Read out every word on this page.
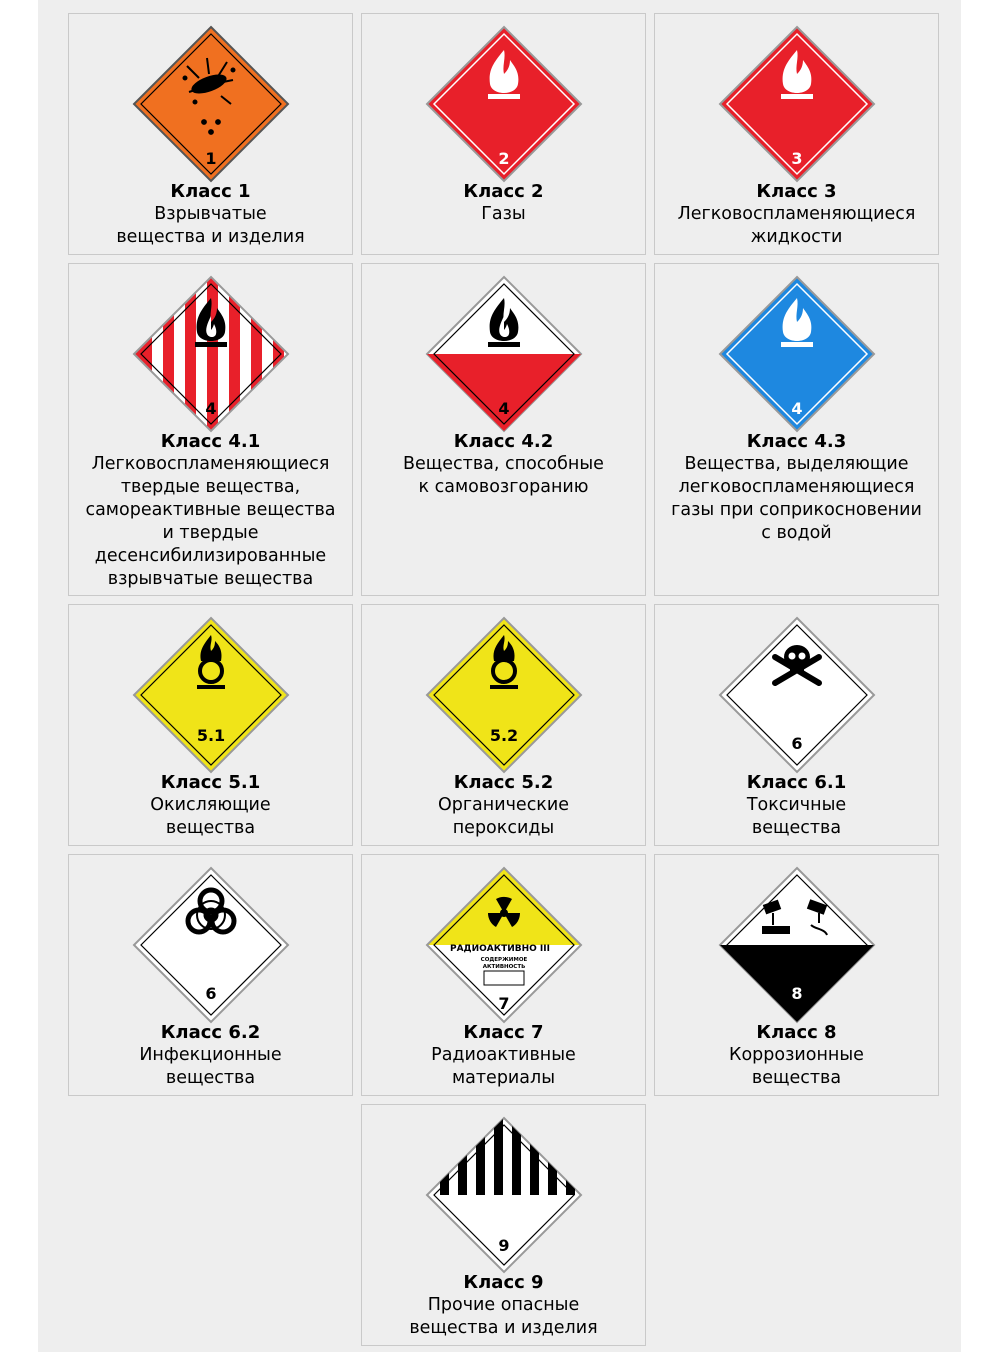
1
Класс 1
Взрывчатые
вещества и изделия
2
Класс 2
Газы
3
Класс 3
Легковоспламеняющиеся
жидкости
4
Класс 4.1
Легковоспламеняющиеся
твердые вещества,
самореактивные вещества
и твердые
десенсибилизированные
взрывчатые вещества
4
Класс 4.2
Вещества, способные
к самовозгоранию
4
Класс 4.3
Вещества, выделяющие
легковоспламеняющиеся
газы при соприкосновении
с водой
5.1
Класс 5.1
Окисляющие
вещества
5.2
Класс 5.2
Органические
пероксиды
6
Класс 6.1
Токсичные
вещества
6
Класс 6.2
Инфекционные
вещества
РАДИОАКТИВНО III
СОДЕРЖИМОЕ
АКТИВНОСТЬ
7
Класс 7
Радиоактивные
материалы
8
Класс 8
Коррозионные
вещества
9
Класс 9
Прочие опасные
вещества и изделия
